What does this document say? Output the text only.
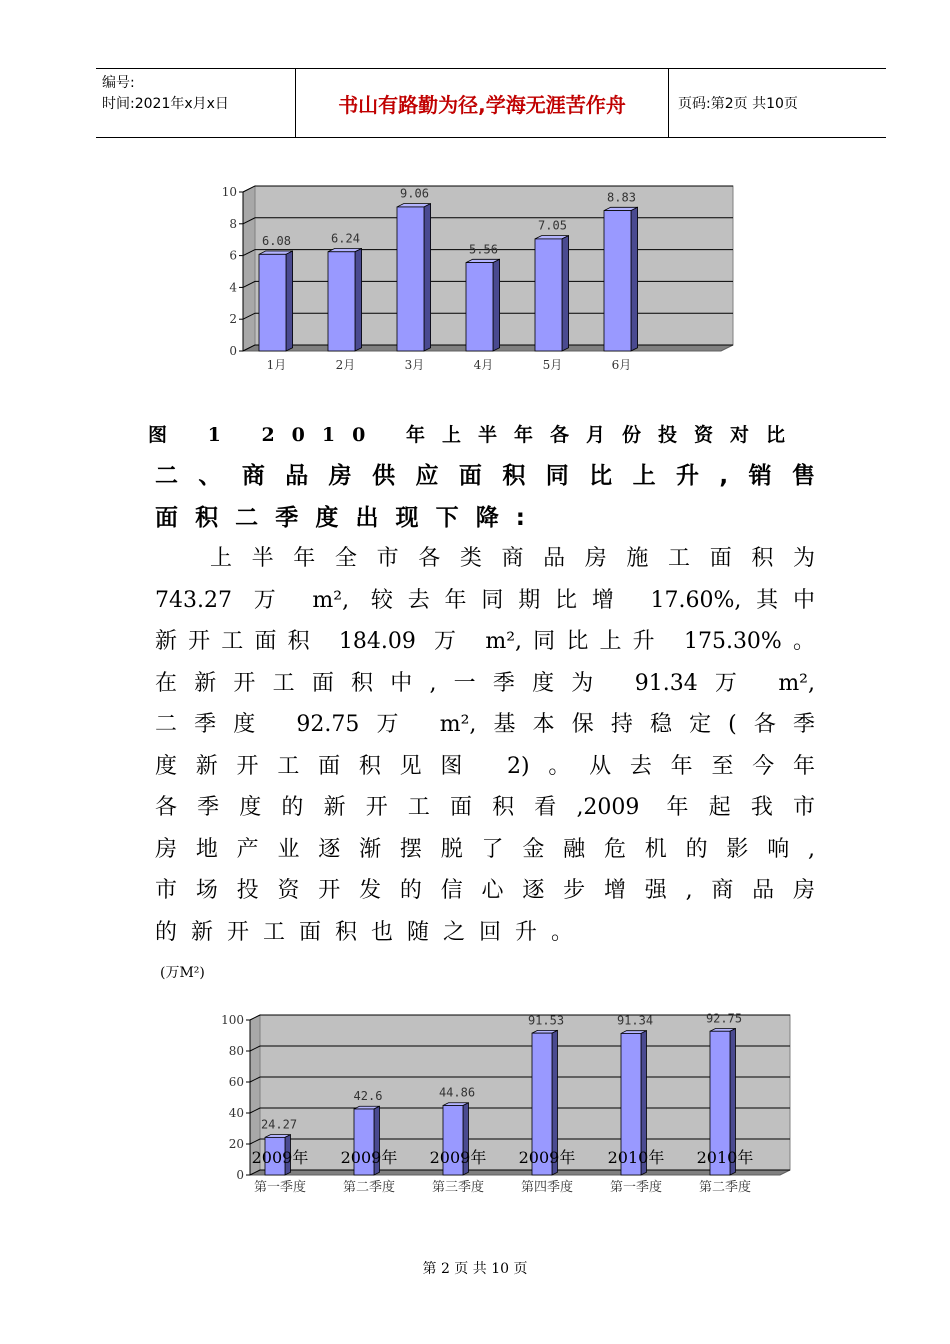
编号:
时间:2021年x月x日	书山有路勤为径,学海无涯苦作舟	页码:第2页 共10页
0
2
4
6
8
10
6.08
1月
6.24
2月
9.06
3月
5.56
4月
7.05
5月
8.83
6月
图 1 2010 年上半年各月份投资对比
二、商品房供应面积同比上升,销售
面积二季度出现下降:
上半年全市各类商品房施工面积为
743.27 万 m², 较去年同期比增 17.60%,其中
新开工面积 184.09 万 m²,同比上升 175.30%。
在新开工面积中,一季度为 91.34万 m²,
二季度 92.75万 m²,基本保持稳定(各季
度新开工面积见图 2)。从去年至今年
各季度的新开工面积看,2009 年起我市
房地产业逐渐摆脱了金融危机的影响,
市场投资开发的信心逐步增强,商品房
的新开工面积也随之回升。
(万M²)
0
20
40
60
80
100
24.27
2009年
第一季度
42.6
2009年
第二季度
44.86
2009年
第三季度
91.53
2009年
第四季度
91.34
2010年
第一季度
92.75
2010年
第二季度
第 2 页 共 10 页
